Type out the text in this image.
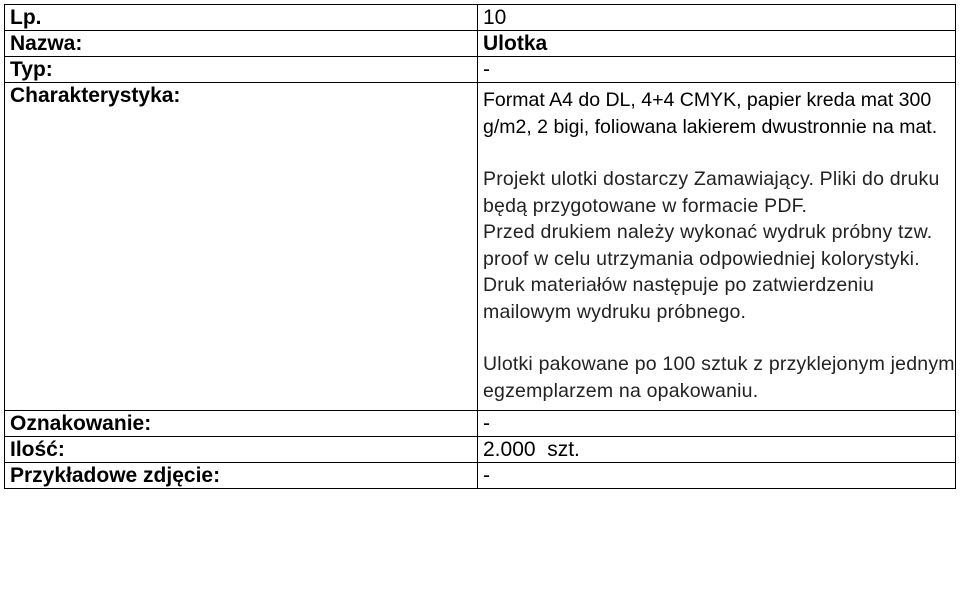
Lp.	10
Nazwa:	Ulotka
Typ:	-
Charakterystyka:	Format A4 do DL, 4+4 CMYK, papier kreda mat 300 g/m2, 2 bigi, foliowana lakierem dwustronnie na mat.

Projekt ulotki dostarczy Zamawiający. Pliki do druku będą przygotowane w formacie PDF.

Przed drukiem należy wykonać wydruk próbny tzw. proof w celu utrzymania odpowiedniej kolorystyki.

Druk materiałów następuje po zatwierdzeniu mailowym wydruku próbnego.

Ulotki pakowane po 100 sztuk z przyklejonym jednym egzemplarzem na opakowaniu.

Oznakowanie:	-
Ilość:	2.000  szt.
Przykładowe zdjęcie:	-
